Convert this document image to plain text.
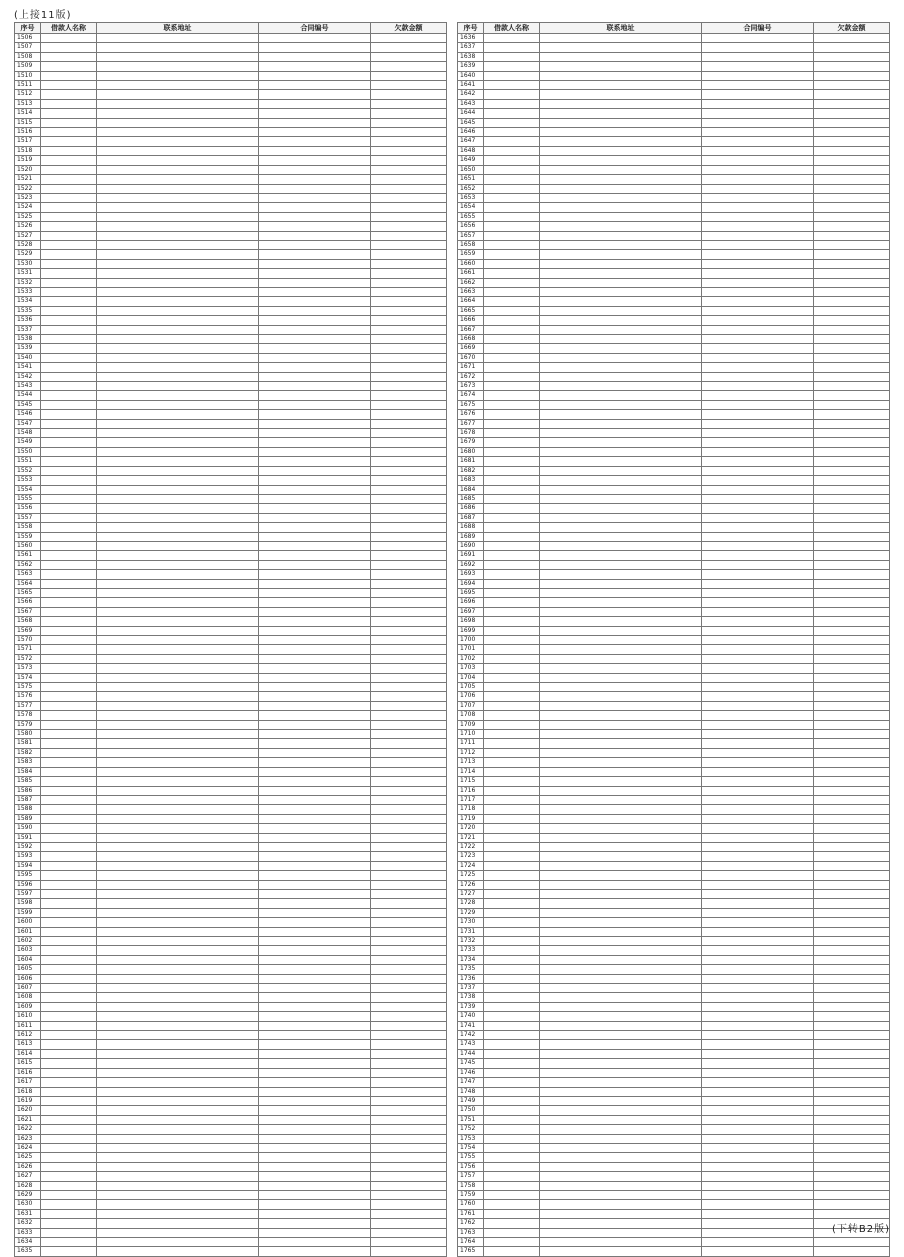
(上接11版)
序号	借款人名称	联系地址	合同编号	欠款金额
1506				
1507				
1508				
1509				
1510				
1511				
1512				
1513				
1514				
1515				
1516				
1517				
1518				
1519				
1520				
1521				
1522				
1523				
1524				
1525				
1526				
1527				
1528				
1529				
1530				
1531				
1532				
1533				
1534				
1535				
1536				
1537				
1538				
1539				
1540				
1541				
1542				
1543				
1544				
1545				
1546				
1547				
1548				
1549				
1550				
1551				
1552				
1553				
1554				
1555				
1556				
1557				
1558				
1559				
1560				
1561				
1562				
1563				
1564				
1565				
1566				
1567				
1568				
1569				
1570				
1571				
1572				
1573				
1574				
1575				
1576				
1577				
1578				
1579				
1580				
1581				
1582				
1583				
1584				
1585				
1586				
1587				
1588				
1589				
1590				
1591				
1592				
1593				
1594				
1595				
1596				
1597				
1598				
1599				
1600				
1601				
1602				
1603				
1604				
1605				
1606				
1607				
1608				
1609				
1610				
1611				
1612				
1613				
1614				
1615				
1616				
1617				
1618				
1619				
1620				
1621				
1622				
1623				
1624				
1625				
1626				
1627				
1628				
1629				
1630				
1631				
1632				
1633				
1634				
1635				
序号	借款人名称	联系地址	合同编号	欠款金额
1636				
1637				
1638				
1639				
1640				
1641				
1642				
1643				
1644				
1645				
1646				
1647				
1648				
1649				
1650				
1651				
1652				
1653				
1654				
1655				
1656				
1657				
1658				
1659				
1660				
1661				
1662				
1663				
1664				
1665				
1666				
1667				
1668				
1669				
1670				
1671				
1672				
1673				
1674				
1675				
1676				
1677				
1678				
1679				
1680				
1681				
1682				
1683				
1684				
1685				
1686				
1687				
1688				
1689				
1690				
1691				
1692				
1693				
1694				
1695				
1696				
1697				
1698				
1699				
1700				
1701				
1702				
1703				
1704				
1705				
1706				
1707				
1708				
1709				
1710				
1711				
1712				
1713				
1714				
1715				
1716				
1717				
1718				
1719				
1720				
1721				
1722				
1723				
1724				
1725				
1726				
1727				
1728				
1729				
1730				
1731				
1732				
1733				
1734				
1735				
1736				
1737				
1738				
1739				
1740				
1741				
1742				
1743				
1744				
1745				
1746				
1747				
1748				
1749				
1750				
1751				
1752				
1753				
1754				
1755				
1756				
1757				
1758				
1759				
1760				
1761				
1762				
1763				
1764				
1765				
(下转B2版)
